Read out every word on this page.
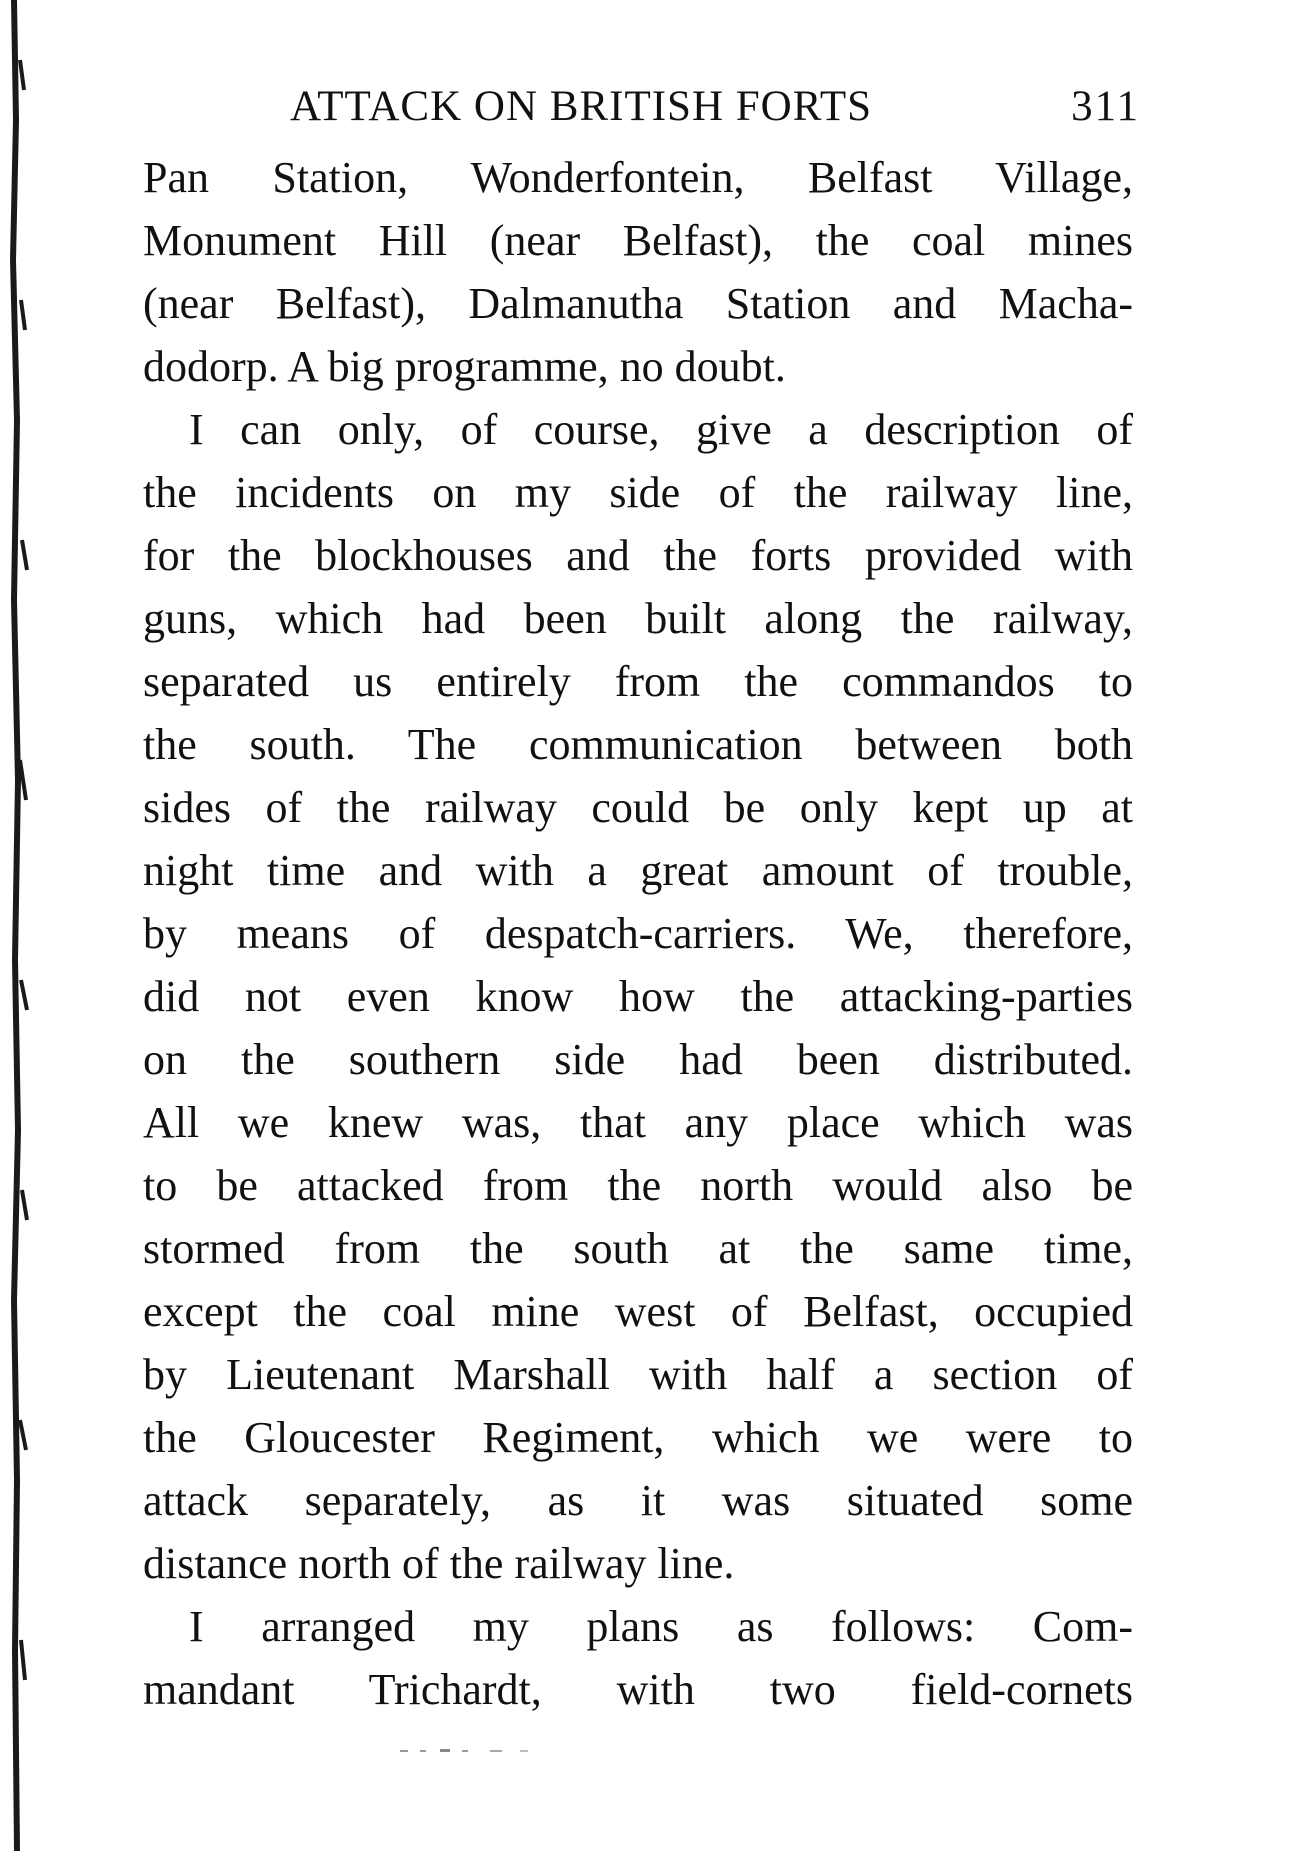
ATTACK ON BRITISH FORTS	311
Pan Station, Wonderfontein, Belfast Village,
Monument Hill (near Belfast), the coal mines
(near Belfast), Dalmanutha Station and Macha-
dodorp. A big programme, no doubt.
I can only, of course, give a description of
the incidents on my side of the railway line,
for the blockhouses and the forts provided with
guns, which had been built along the railway,
separated us entirely from the commandos to
the south. The communication between both
sides of the railway could be only kept up at
night time and with a great amount of trouble,
by means of despatch-carriers. We, therefore,
did not even know how the attacking-parties
on the southern side had been distributed.
All we knew was, that any place which was
to be attacked from the north would also be
stormed from the south at the same time,
except the coal mine west of Belfast, occupied
by Lieutenant Marshall with half a section of
the Gloucester Regiment, which we were to
attack separately, as it was situated some
distance north of the railway line.
I arranged my plans as follows: Com-
mandant Trichardt, with two field-cornets
